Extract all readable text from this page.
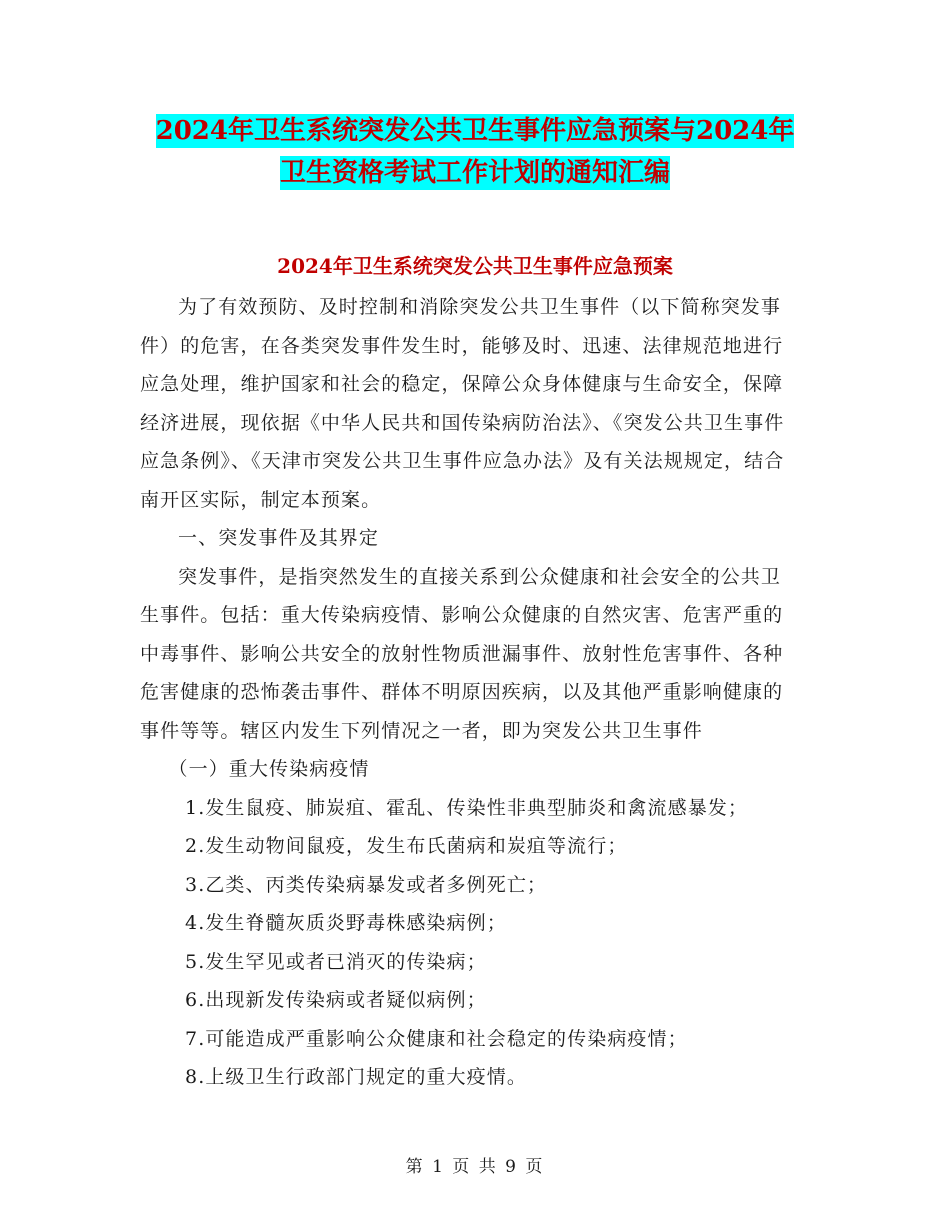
2024年卫生系统突发公共卫生事件应急预案与2024年
卫生资格考试工作计划的通知汇编
2024年卫生系统突发公共卫生事件应急预案

为了有效预防、及时控制和消除突发公共卫生事件（以下简称突发事件）的危害，在各类突发事件发生时，能够及时、迅速、法律规范地进行应急处理，维护国家和社会的稳定，保障公众身体健康与生命安全，保障经济进展，现依据《中华人民共和国传染病防治法》、《突发公共卫生事件应急条例》、《天津市突发公共卫生事件应急办法》及有关法规规定，结合南开区实际，制定本预案。

一、突发事件及其界定

突发事件，是指突然发生的直接关系到公众健康和社会安全的公共卫生事件。包括：重大传染病疫情、影响公众健康的自然灾害、危害严重的中毒事件、影响公共安全的放射性物质泄漏事件、放射性危害事件、各种危害健康的恐怖袭击事件、群体不明原因疾病，以及其他严重影响健康的事件等等。辖区内发生下列情况之一者，即为突发公共卫生事件

（一）重大传染病疫情

1.发生鼠疫、肺炭疽、霍乱、传染性非典型肺炎和禽流感暴发；

2.发生动物间鼠疫，发生布氏菌病和炭疽等流行；

3.乙类、丙类传染病暴发或者多例死亡；

4.发生脊髓灰质炎野毒株感染病例；

5.发生罕见或者已消灭的传染病；

6.出现新发传染病或者疑似病例；

7.可能造成严重影响公众健康和社会稳定的传染病疫情；

8.上级卫生行政部门规定的重大疫情。

第 1 页 共 9 页
